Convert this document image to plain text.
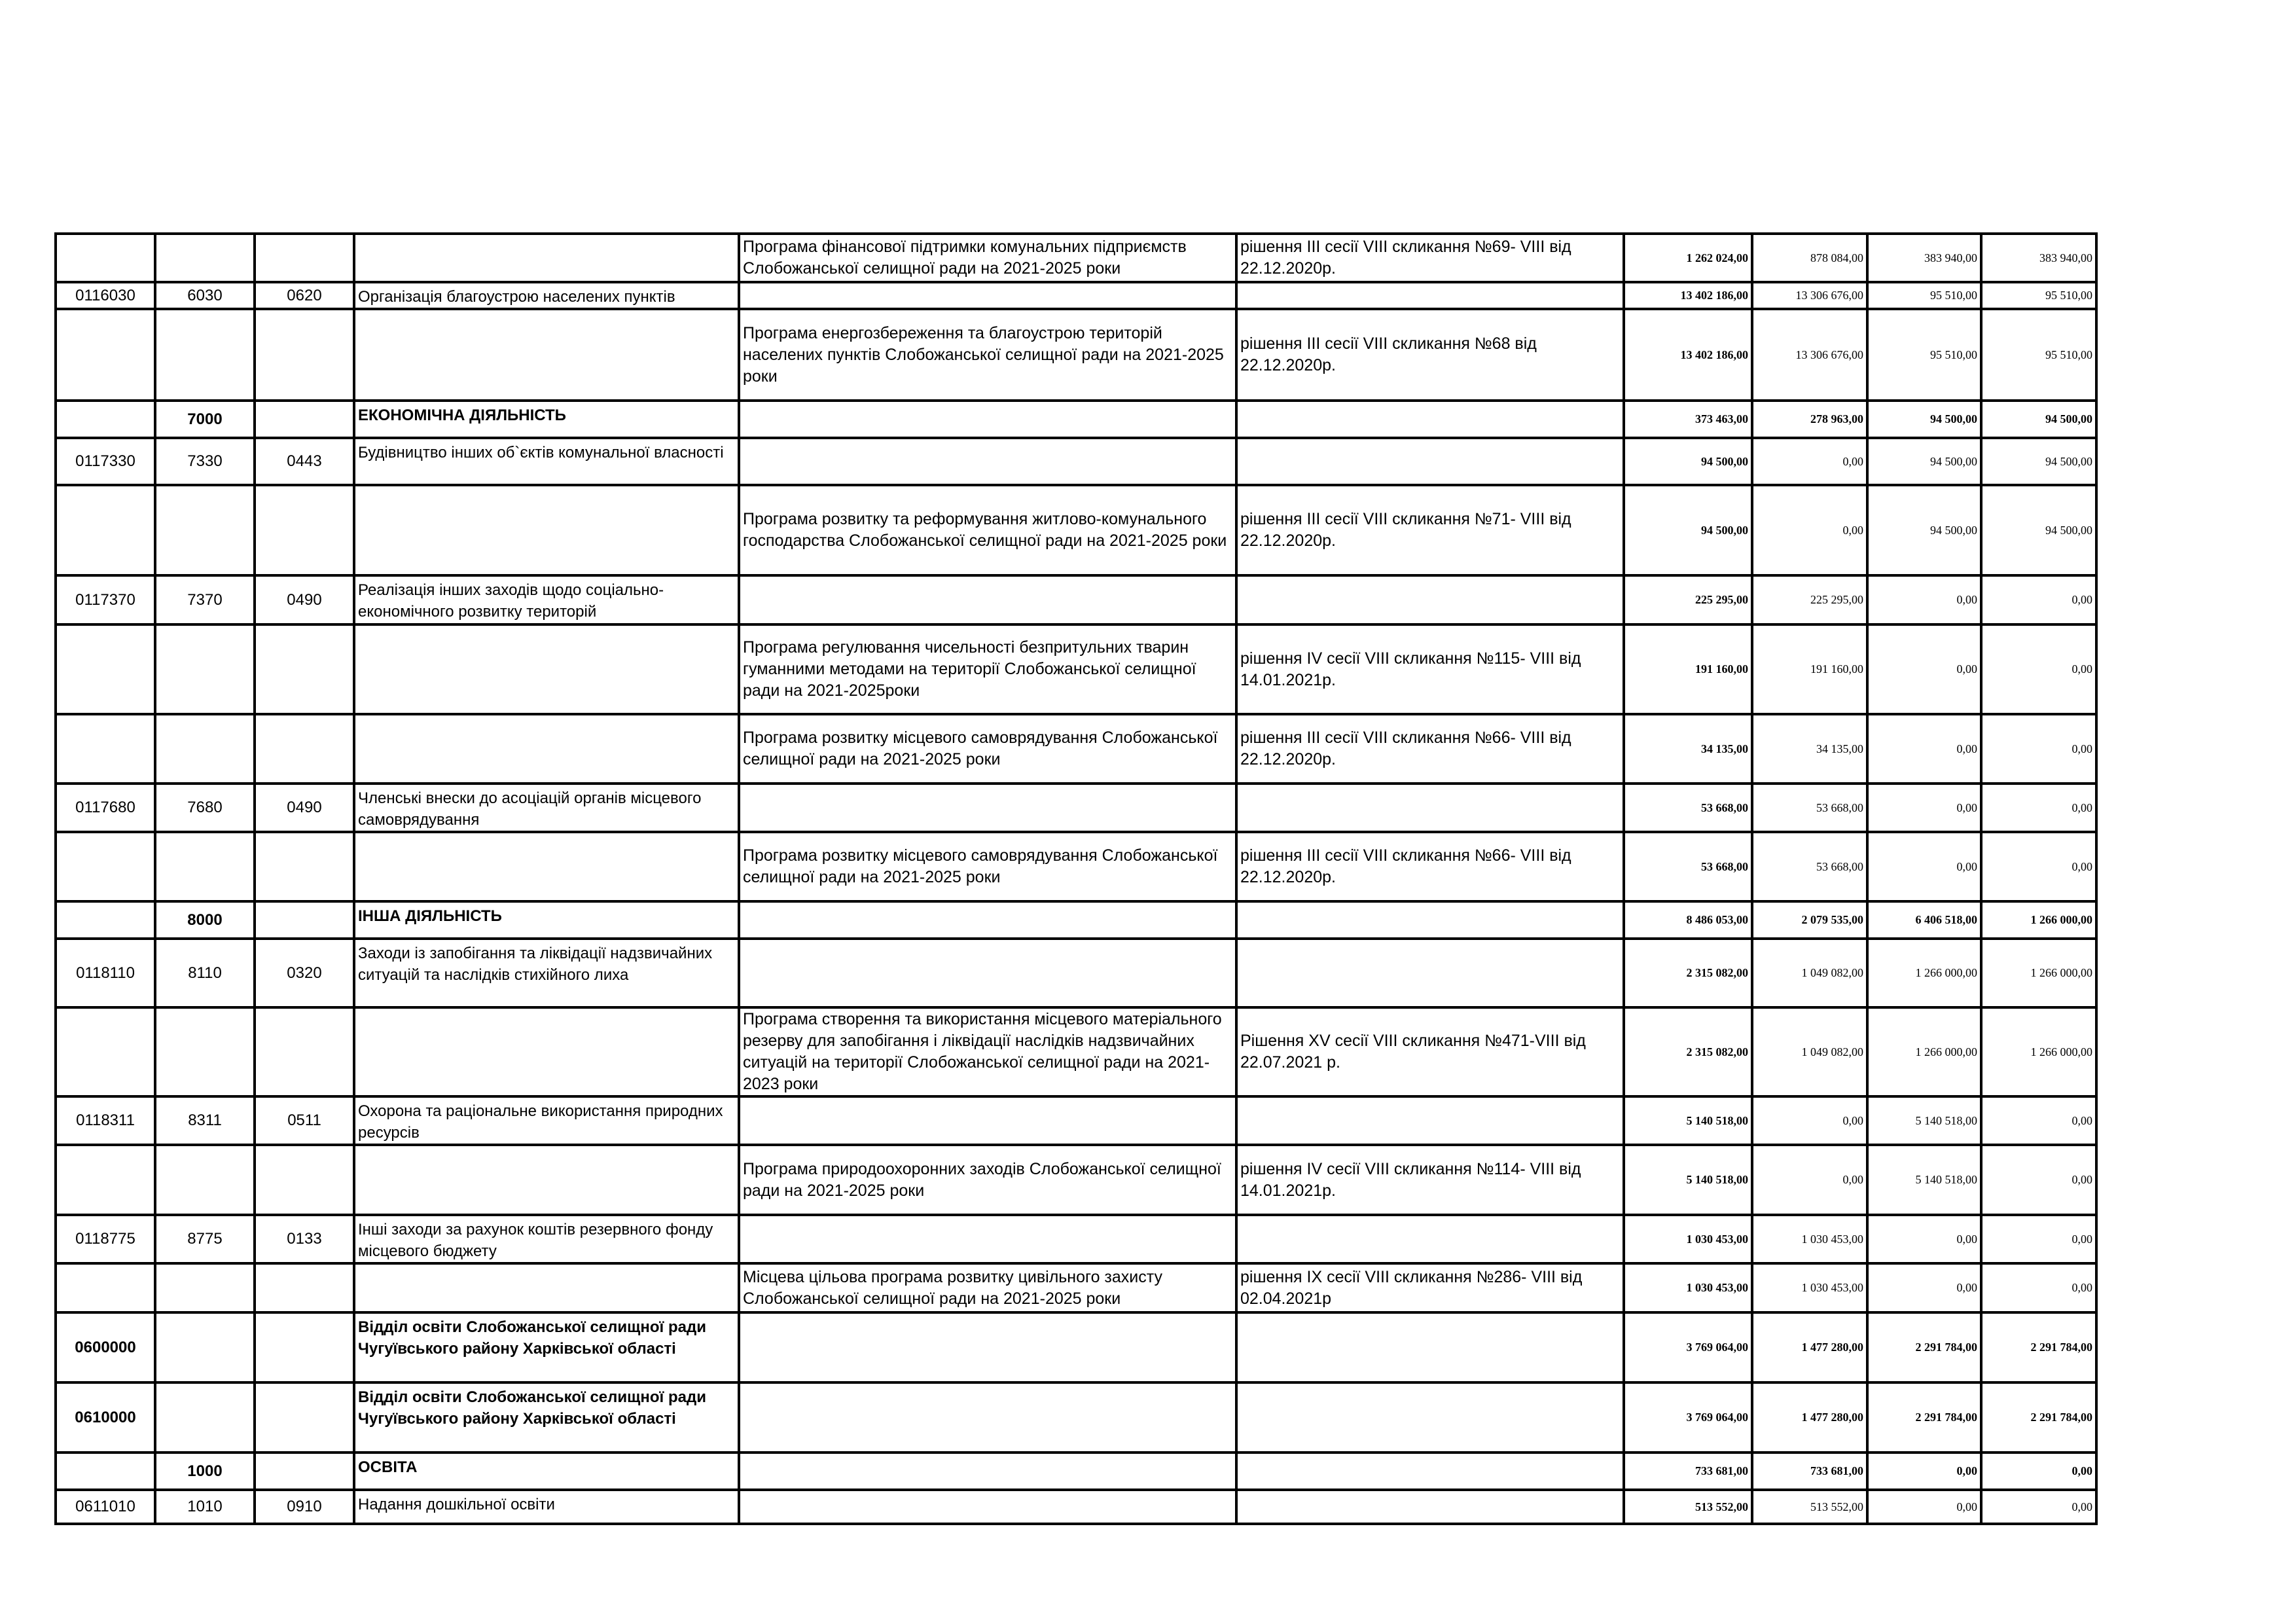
				Програма фінансової підтримки комунальних підприємств Слобожанської селищної ради на 2021-2025 роки	рішення ІІІ сесії VIІІ скликання №69- VIІІ від 22.12.2020р.	1 262 024,00	878 084,00	383 940,00	383 940,00
0116030	6030	0620	Організація благоустрою населених пунктів			13 402 186,00	13 306 676,00	95 510,00	95 510,00
				Програма енергозбереження та благоустрою територій населених пунктів Слобожанської селищної ради на 2021-2025 роки	рішення ІІІ сесії VIІІ скликання №68 від 22.12.2020р.	13 402 186,00	13 306 676,00	95 510,00	95 510,00
	7000		ЕКОНОМІЧНА ДІЯЛЬНІСТЬ			373 463,00	278 963,00	94 500,00	94 500,00
0117330	7330	0443	Будівництво інших об`єктів комунальної власності			94 500,00	0,00	94 500,00	94 500,00
				Програма розвитку та реформування житлово-комунального господарства Слобожанської селищної ради на 2021-2025 роки	рішення ІІІ сесії VIІІ скликання №71- VIІІ від 22.12.2020р.	94 500,00	0,00	94 500,00	94 500,00
0117370	7370	0490	Реалізація інших заходів щодо соціально-економічного розвитку територій			225 295,00	225 295,00	0,00	0,00
				Програма регулювання чисельності безпритульних тварин гуманними методами на території Слобожанської селищної ради на 2021-2025роки	рішення IV сесії VIІІ скликання №115- VIІІ від 14.01.2021р.	191 160,00	191 160,00	0,00	0,00
				Програма розвитку місцевого самоврядування Слобожанської селищної ради на 2021-2025 роки	рішення ІІІ сесії VIІІ скликання №66- VIІІ від 22.12.2020р.	34 135,00	34 135,00	0,00	0,00
0117680	7680	0490	Членські внески до асоціацій органів місцевого самоврядування			53 668,00	53 668,00	0,00	0,00
				Програма розвитку місцевого самоврядування Слобожанської селищної ради на 2021-2025 роки	рішення ІІІ сесії VIІІ скликання №66- VIІІ від 22.12.2020р.	53 668,00	53 668,00	0,00	0,00
	8000		ІНША ДІЯЛЬНІСТЬ			8 486 053,00	2 079 535,00	6 406 518,00	1 266 000,00
0118110	8110	0320	Заходи із запобігання та ліквідації надзвичайних ситуацій та наслідків стихійного лиха			2 315 082,00	1 049 082,00	1 266 000,00	1 266 000,00
				Програма створення та використання місцевого матеріального резерву для запобігання і ліквідації наслідків надзвичайних ситуацій на території Слобожанської селищної ради на 2021-2023 роки	Рішення XV сесії VIII скликання №471-VIII від 22.07.2021 р.	2 315 082,00	1 049 082,00	1 266 000,00	1 266 000,00
0118311	8311	0511	Охорона та раціональне використання природних ресурсів			5 140 518,00	0,00	5 140 518,00	0,00
				Програма природоохоронних заходів Слобожанської селищної ради на 2021-2025 роки	рішення IV сесії VIІІ скликання №114- VIІІ від 14.01.2021р.	5 140 518,00	0,00	5 140 518,00	0,00
0118775	8775	0133	Інші заходи за рахунок коштів резервного фонду місцевого бюджету			1 030 453,00	1 030 453,00	0,00	0,00
				Місцева цільова програма розвитку цивільного захисту Слобожанської селищної ради на 2021-2025 роки	рішення IX сесії VIІІ скликання №286- VIІІ від 02.04.2021р	1 030 453,00	1 030 453,00	0,00	0,00
0600000			Відділ освіти Слобожанської селищної ради Чугуївського району Харківської області			3 769 064,00	1 477 280,00	2 291 784,00	2 291 784,00
0610000			Відділ освіти Слобожанської селищної ради Чугуївського району Харківської області			3 769 064,00	1 477 280,00	2 291 784,00	2 291 784,00
	1000		ОСВІТА			733 681,00	733 681,00	0,00	0,00
0611010	1010	0910	Надання дошкільної освіти			513 552,00	513 552,00	0,00	0,00
